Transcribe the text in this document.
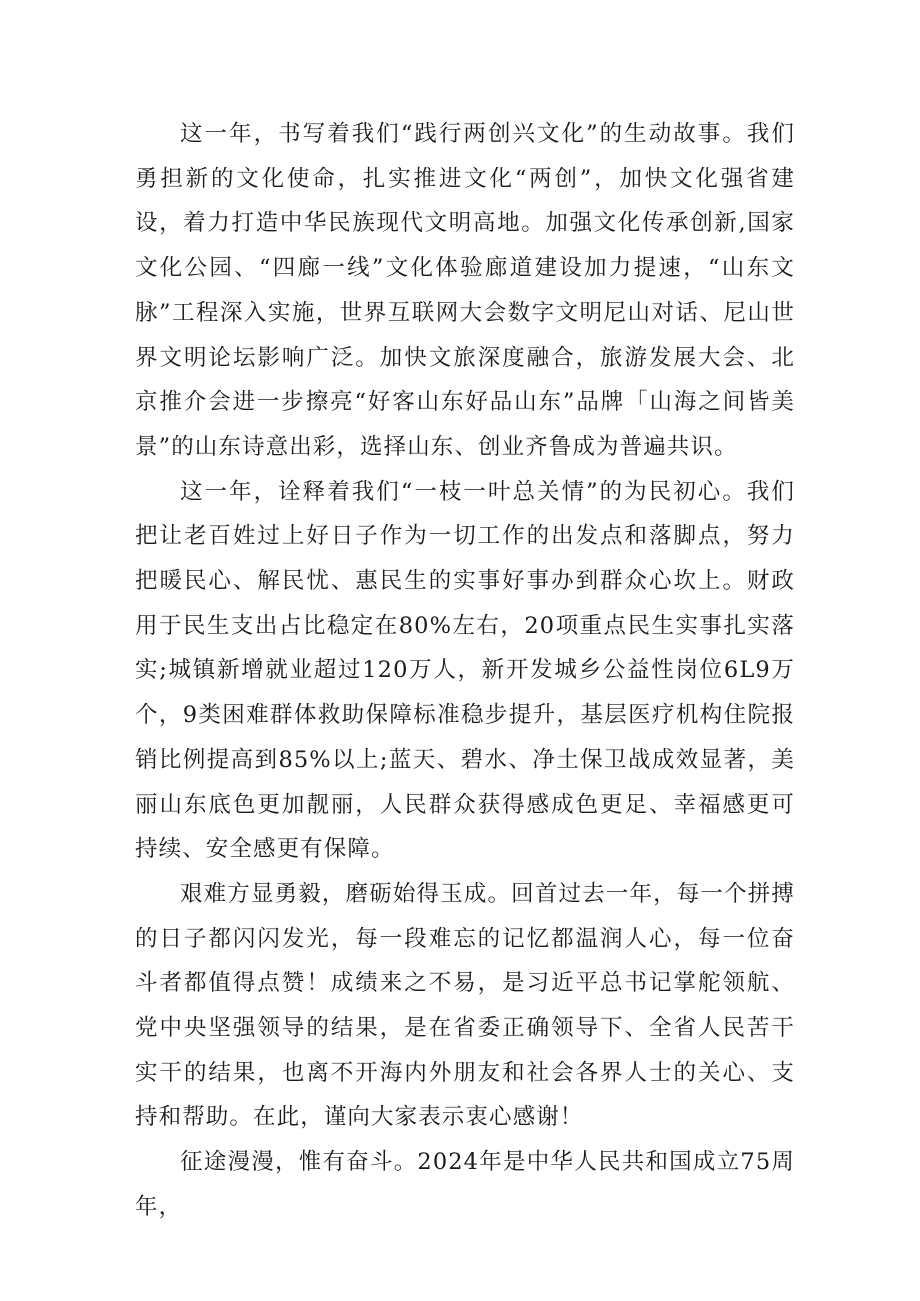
这一年，书写着我们“践行两创兴文化”的生动故事。我们勇担新的文化使命，扎实推进文化“两创”，加快文化强省建设，着力打造中华民族现代文明高地。加强文化传承创新,国家文化公园、“四廊一线”文化体验廊道建设加力提速，“山东文脉”工程深入实施，世界互联网大会数字文明尼山对话、尼山世界文明论坛影响广泛。加快文旅深度融合，旅游发展大会、北京推介会进一步擦亮“好客山东好品山东”品牌「山海之间皆美景”的山东诗意出彩，选择山东、创业齐鲁成为普遍共识。

这一年，诠释着我们“一枝一叶总关情”的为民初心。我们把让老百姓过上好日子作为一切工作的出发点和落脚点，努力把暖民心、解民忧、惠民生的实事好事办到群众心坎上。财政用于民生支出占比稳定在80%左右，20项重点民生实事扎实落实;城镇新增就业超过120万人，新开发城乡公益性岗位6L9万个，9类困难群体救助保障标准稳步提升，基层医疗机构住院报销比例提高到85%以上;蓝天、碧水、净土保卫战成效显著，美丽山东底色更加靓丽，人民群众获得感成色更足、幸福感更可持续、安全感更有保障。

艰难方显勇毅，磨砺始得玉成。回首过去一年，每一个拼搏的日子都闪闪发光，每一段难忘的记忆都温润人心，每一位奋斗者都值得点赞！成绩来之不易，是习近平总书记掌舵领航、党中央坚强领导的结果，是在省委正确领导下、全省人民苦干实干的结果，也离不开海内外朋友和社会各界人士的关心、支持和帮助。在此，谨向大家表示衷心感谢！

征途漫漫，惟有奋斗。2024年是中华人民共和国成立75周年，
